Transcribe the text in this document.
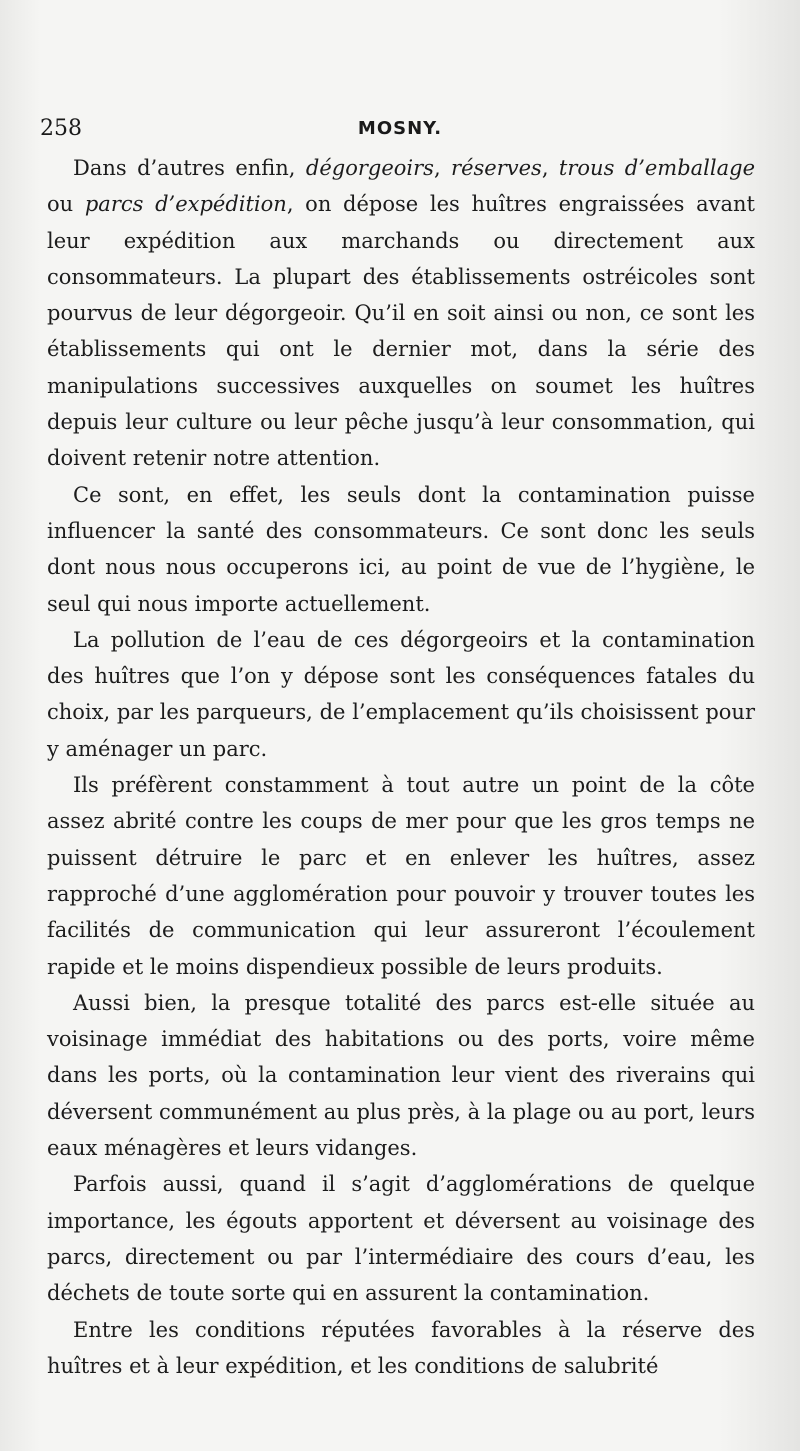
258	MOSNY.

Dans d’autres enfin, dégorgeoirs, réserves, trous d’emballage ou parcs d’expédition, on dépose les huîtres engraissées avant leur expédition aux marchands ou directement aux consommateurs. La plupart des établissements ostréicoles sont pourvus de leur dégorgeoir. Qu’il en soit ainsi ou non, ce sont les établissements qui ont le dernier mot, dans la série des manipulations successives auxquelles on soumet les huîtres depuis leur culture ou leur pêche jusqu’à leur consommation, qui doivent retenir notre attention.

Ce sont, en effet, les seuls dont la contamination puisse influencer la santé des consommateurs. Ce sont donc les seuls dont nous nous occuperons ici, au point de vue de l’hygiène, le seul qui nous importe actuellement.

La pollution de l’eau de ces dégorgeoirs et la contamination des huîtres que l’on y dépose sont les conséquences fatales du choix, par les parqueurs, de l’emplacement qu’ils choisissent pour y aménager un parc.

Ils préfèrent constamment à tout autre un point de la côte assez abrité contre les coups de mer pour que les gros temps ne puissent détruire le parc et en enlever les huîtres, assez rapproché d’une agglomération pour pouvoir y trouver toutes les facilités de communication qui leur assureront l’écoulement rapide et le moins dispendieux possible de leurs produits.

Aussi bien, la presque totalité des parcs est-elle située au voisinage immédiat des habitations ou des ports, voire même dans les ports, où la contamination leur vient des riverains qui déversent communément au plus près, à la plage ou au port, leurs eaux ménagères et leurs vidanges.

Parfois aussi, quand il s’agit d’agglomérations de quelque importance, les égouts apportent et déversent au voisinage des parcs, directement ou par l’intermédiaire des cours d’eau, les déchets de toute sorte qui en assurent la contamination.

Entre les conditions réputées favorables à la réserve des huîtres et à leur expédition, et les conditions de salubrité
